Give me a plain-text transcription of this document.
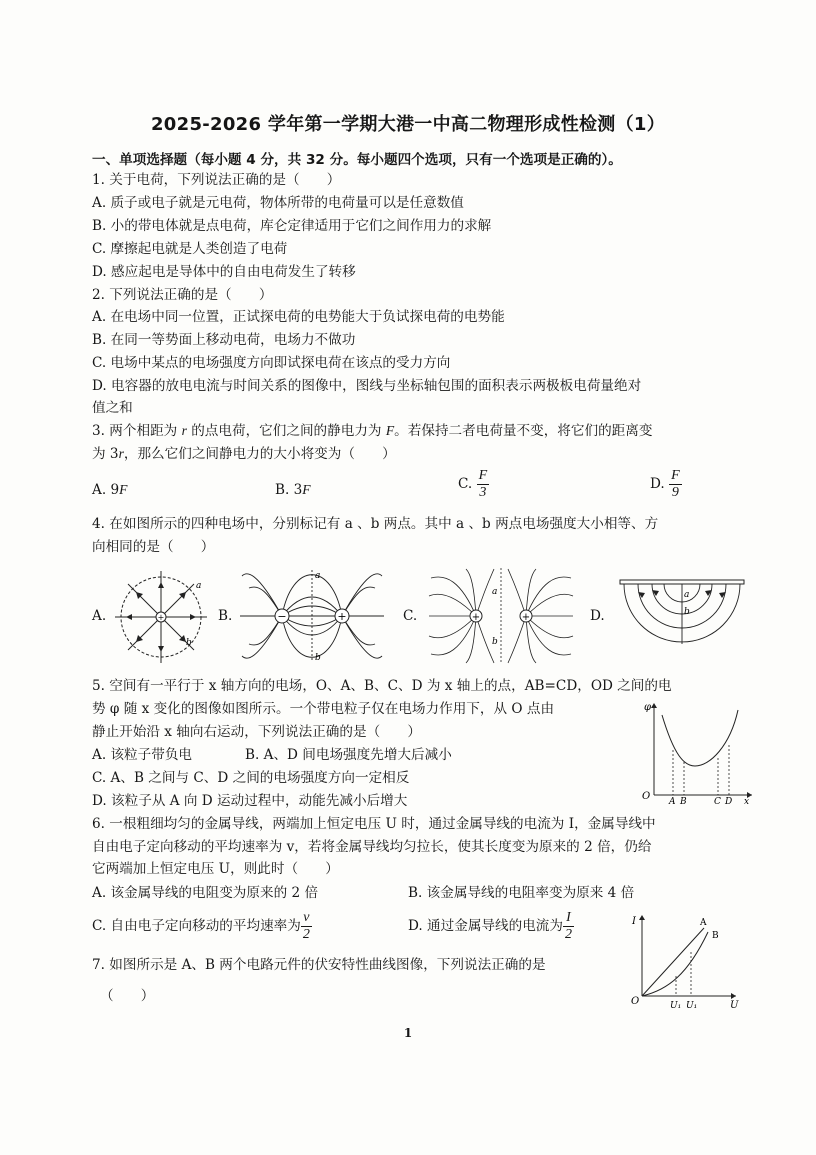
2025-2026 学年第一学期大港一中高二物理形成性检测（1）
一、单项选择题（每小题 4 分，共 32 分。每小题四个选项，只有一个选项是正确的）。
1. 关于电荷，下列说法正确的是（　　）
A. 质子或电子就是元电荷，物体所带的电荷量可以是任意数值
B. 小的带电体就是点电荷，库仑定律适用于它们之间作用力的求解
C. 摩擦起电就是人类创造了电荷
D. 感应起电是导体中的自由电荷发生了转移
2. 下列说法正确的是（　　）
A. 在电场中同一位置，正试探电荷的电势能大于负试探电荷的电势能
B. 在同一等势面上移动电荷，电场力不做功
C. 电场中某点的电场强度方向即试探电荷在该点的受力方向
D. 电容器的放电电流与时间关系的图像中，图线与坐标轴包围的面积表示两极板电荷量绝对
值之和
3. 两个相距为 r 的点电荷，它们之间的静电力为 F。若保持二者电荷量不变，将它们的距离变
为 3r，那么它们之间静电力的大小将变为（　　）
A. 9F	B. 3F	C. $\frac{F}{3}$	D. $\frac{F}{9}$
4. 在如图所示的四种电场中，分别标记有 a 、b 两点。其中 a 、b 两点电场强度大小相等、方
向相同的是（　　）
A.	B.	C.	D.
+
a
b
−	+
a
b
+	+
a
b
a
b
5. 空间有一平行于 x 轴方向的电场，O、A、B、C、D 为 x 轴上的点，AB=CD，OD 之间的电
势 φ 随 x 变化的图像如图所示。一个带电粒子仅在电场力作用下，从 O 点由
静止开始沿 x 轴向右运动，下列说法正确的是（　　）
A. 该粒子带负电	B. A、D 间电场强度先增大后减小
C. A、B 之间与 C、D 之间的电场强度方向一定相反
D. 该粒子从 A 向 D 运动过程中，动能先减小后增大
φ
x
O A B	C D
6. 一根粗细均匀的金属导线，两端加上恒定电压 U 时，通过金属导线的电流为 I，金属导线中
自由电子定向移动的平均速率为 v，若将金属导线均匀拉长，使其长度变为原来的 2 倍，仍给
它两端加上恒定电压 U，则此时（　　）
A. 该金属导线的电阻变为原来的 2 倍	B. 该金属导线的电阻率变为原来 4 倍
C. 自由电子定向移动的平均速率为 $\frac{v}{2}$	D. 通过金属导线的电流为 $\frac{I}{2}$
7. 如图所示是 A、B 两个电路元件的伏安特性曲线图像，下列说法正确的是
（　　）
I
U
O
A
B
U₁ U₁
1
